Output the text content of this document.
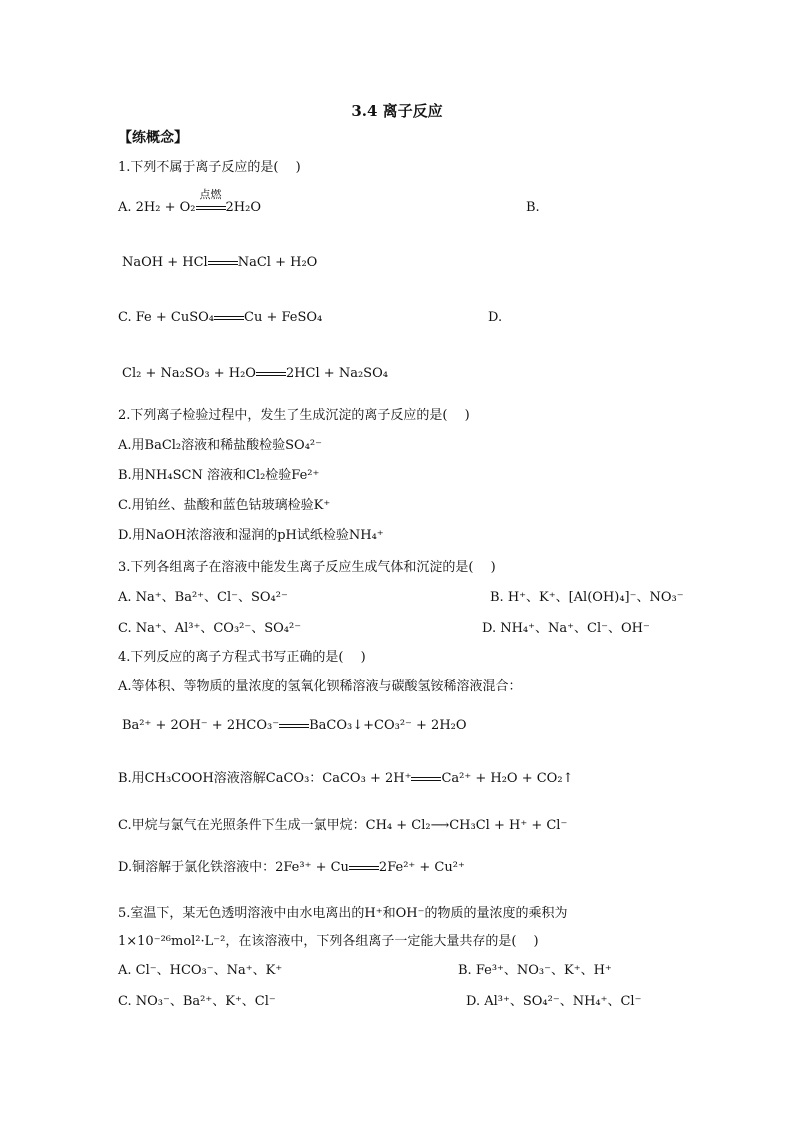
3.4 离子反应
【练概念】
1.下列不属于离子反应的是(　 )
A. 2H₂ + O₂
点燃
2H₂O	B.
NaOH + HCl NaCl + H₂O
C. Fe + CuSO₄ Cu + FeSO₄	D.
Cl₂ + Na₂SO₃ + H₂O 2HCl + Na₂SO₄
2.下列离子检验过程中，发生了生成沉淀的离子反应的是(　 )
A.用BaCl₂溶液和稀盐酸检验SO₄²⁻
B.用NH₄SCN 溶液和Cl₂检验Fe²⁺
C.用铂丝、盐酸和蓝色钴玻璃检验K⁺
D.用NaOH浓溶液和湿润的pH试纸检验NH₄⁺
3.下列各组离子在溶液中能发生离子反应生成气体和沉淀的是(　 )
A. Na⁺、Ba²⁺、Cl⁻、SO₄²⁻	B. H⁺、K⁺、[Al(OH)₄]⁻、NO₃⁻
C. Na⁺、Al³⁺、CO₃²⁻、SO₄²⁻	D. NH₄⁺、Na⁺、Cl⁻、OH⁻
4.下列反应的离子方程式书写正确的是(　 )
A.等体积、等物质的量浓度的氢氧化钡稀溶液与碳酸氢铵稀溶液混合：
Ba²⁺ + 2OH⁻ + 2HCO₃⁻ BaCO₃↓+CO₃²⁻ + 2H₂O
B.用CH₃COOH溶液溶解CaCO₃：CaCO₃ + 2H⁺ Ca²⁺ + H₂O + CO₂↑
C.甲烷与氯气在光照条件下生成一氯甲烷：CH₄ + Cl₂⟶CH₃Cl + H⁺ + Cl⁻
D.铜溶解于氯化铁溶液中：2Fe³⁺ + Cu 2Fe²⁺ + Cu²⁺
5.室温下，某无色透明溶液中由水电离出的H⁺和OH⁻的物质的量浓度的乘积为
1×10⁻²⁶mol²·L⁻²，在该溶液中，下列各组离子一定能大量共存的是(　 )
A. Cl⁻、HCO₃⁻、Na⁺、K⁺	B. Fe³⁺、NO₃⁻、K⁺、H⁺
C. NO₃⁻、Ba²⁺、K⁺、Cl⁻	D. Al³⁺、SO₄²⁻、NH₄⁺、Cl⁻
